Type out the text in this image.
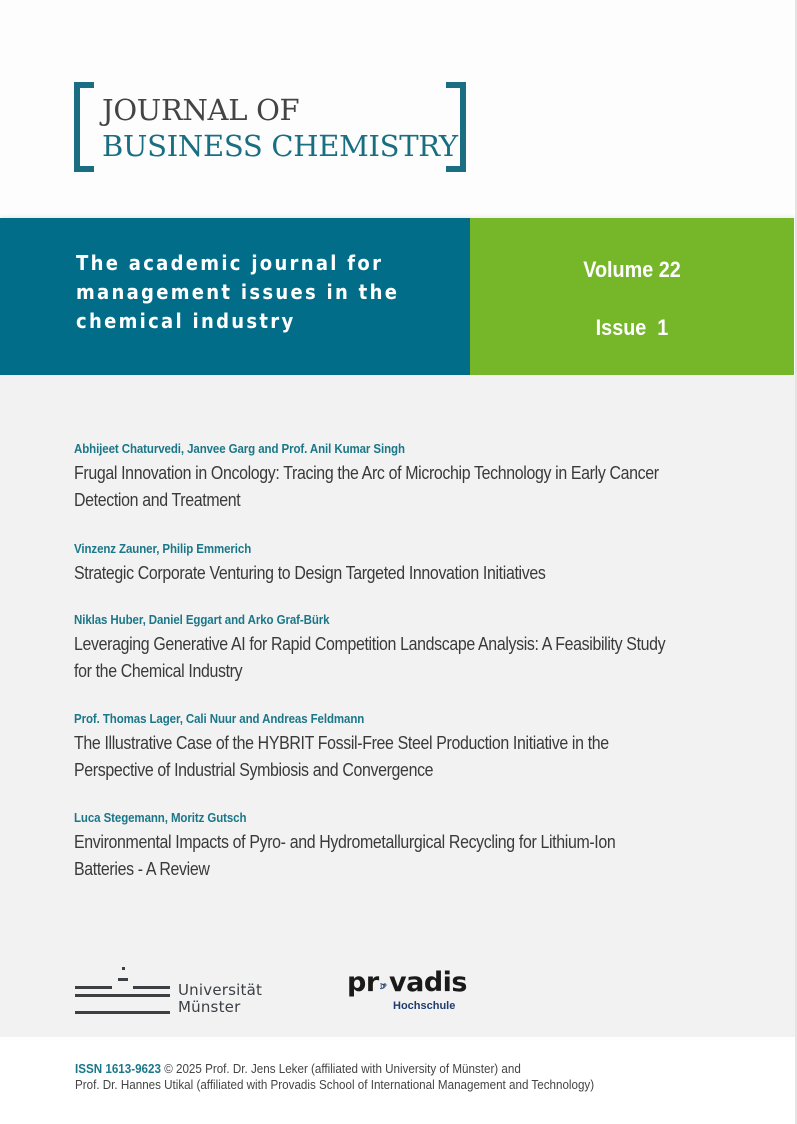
JOURNAL OF
BUSINESS CHEMISTRY
The academic journal for
management issues in the
chemical industry
Volume 22
Issue  1
Abhijeet Chaturvedi, Janvee Garg and Prof. Anil Kumar Singh
Frugal Innovation in Oncology: Tracing the Arc of Microchip Technology in Early Cancer
Detection and Treatment
Vinzenz Zauner, Philip Emmerich
Strategic Corporate Venturing to Design Targeted Innovation Initiatives
Niklas Huber, Daniel Eggart and Arko Graf-Bürk
Leveraging Generative AI for Rapid Competition Landscape Analysis: A Feasibility Study
for the Chemical Industry
Prof. Thomas Lager, Cali Nuur and Andreas Feldmann
The Illustrative Case of the HYBRIT Fossil-Free Steel Production Initiative in the
Perspective of Industrial Symbiosis and Convergence
Luca Stegemann, Moritz Gutsch
Environmental Impacts of Pyro- and Hydrometallurgical Recycling for Lithium-Ion
Batteries - A Review
Universität
Münster
pr vadis
Hochschule
ISSN 1613-9623 © 2025 Prof. Dr. Jens Leker (affiliated with University of Münster) and
Prof. Dr. Hannes Utikal (affiliated with Provadis School of International Management and Technology)
